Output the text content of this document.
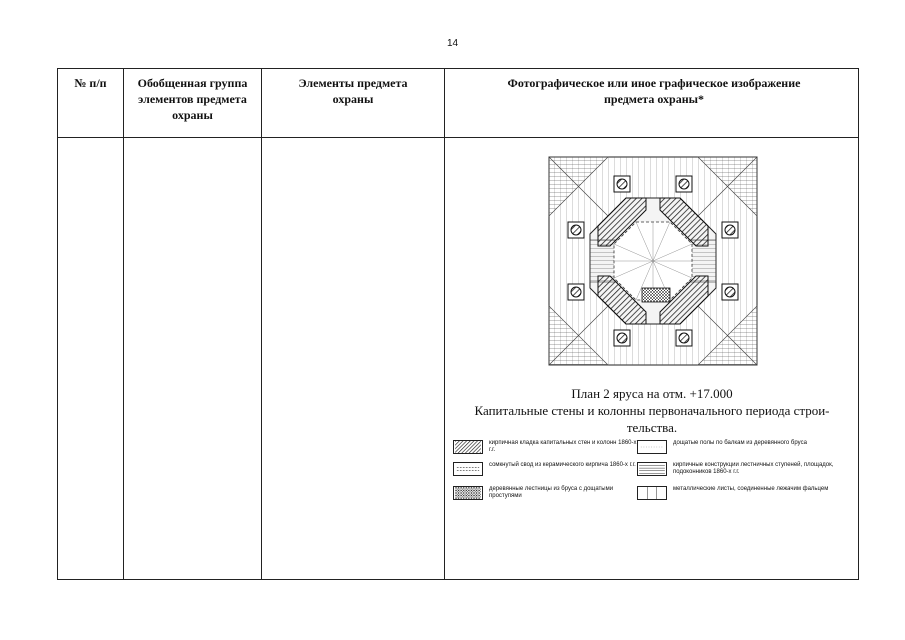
14
№ п/п	Обобщенная группа элементов предмета охраны
Элементы предмета охраны
Фотографическое или иное графическое изображение предмета охраны*
План 2 яруса на отм. +17.000
Капитальные стены и колонны первоначального периода строи-
тельства.
кирпичная кладка капитальных стен и колонн 1860-х г.г.
сомкнутый свод из керамического кирпича 1860-х г.г.
деревянные лестницы из бруса с дощатыми проступями
дощатые полы по балкам из деревянного бруса
кирпичные конструкции лестничных ступеней, площадок, подоконников 1860-х г.г.
металлические листы, соединенные лежачим фальцем
